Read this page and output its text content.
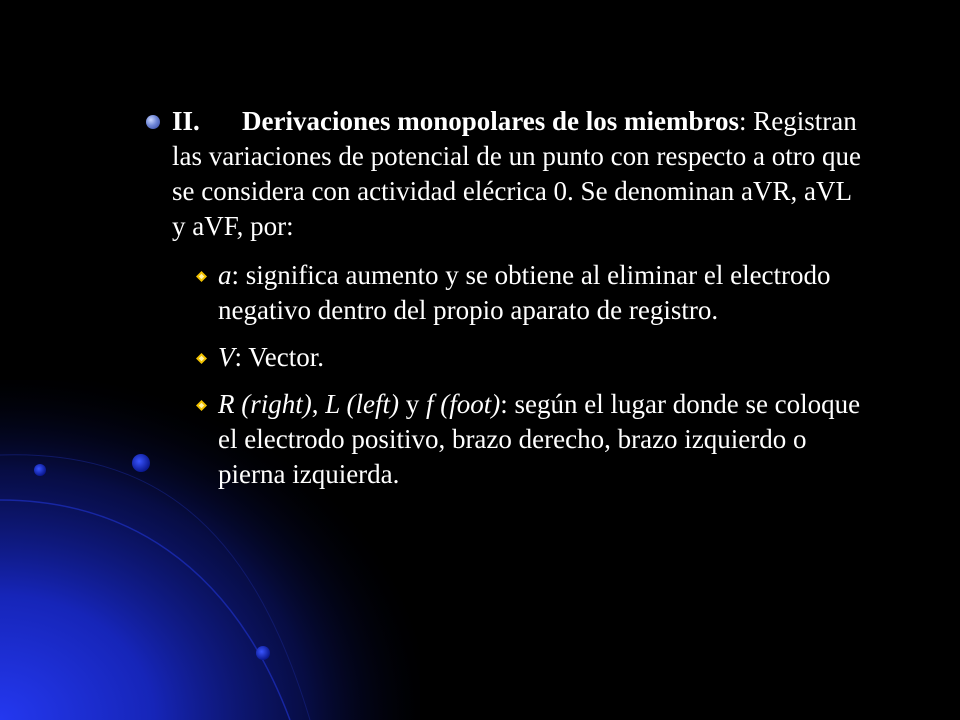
II. Derivaciones monopolares de los miembros: Registran las variaciones de potencial de un punto con respecto a otro que se considera con actividad elécrica 0. Se denominan aVR, aVL y aVF, por:
a: significa aumento y se obtiene al eliminar el electrodo negativo dentro del propio aparato de registro.
V: Vector.
R (right), L (left) y f (foot): según el lugar donde se coloque el electrodo positivo, brazo derecho, brazo izquierdo o pierna izquierda.
